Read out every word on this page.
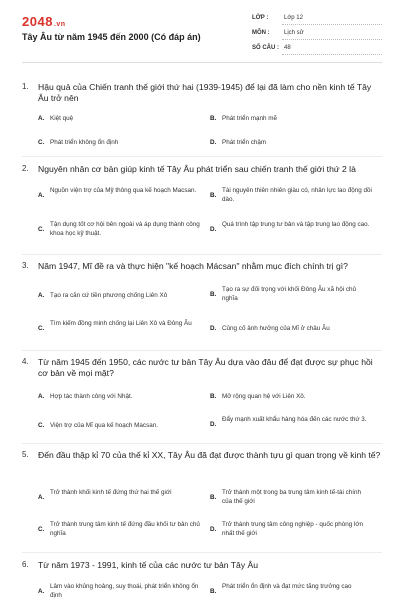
2048.vn
Tây Âu từ năm 1945 đến 2000 (Có đáp án)
LỚP :	Lớp 12
MÔN : Lịch sử
SỐ CÂU : 48
1. Hậu quả của Chiến tranh thế giới thứ hai (1939-1945) để lại đã làm cho nền kinh tế Tây Âu trở nên
A. Kiệt quệ	B. Phát triển mạnh mẽ
C. Phát triển không ổn định	D. Phát triển chậm
2. Nguyên nhân cơ bản giúp kinh tế Tây Âu phát triển sau chiến tranh thế giới thứ 2 là
A.
Nguồn viện trợ của Mỹ thông qua kế hoạch Macsan.
B.
Tài nguyên thiên nhiên giàu có, nhân lực lao động dồi dào.
C.
Tận dụng tốt cơ hội bên ngoài và áp dụng thành công khoa học kỹ thuật.
D.
Quá trình tập trung tư bản và tập trung lao động cao.
3. Năm 1947, Mĩ đề ra và thực hiện "kế hoạch Mácsan" nhằm mục đích chính trị gì?
A. Tạo ra căn cứ tiền phương chống Liên Xô	B.
Tạo ra sự đối trọng với khối Đông Âu xã hội chủ nghĩa
C.
Tìm kiếm đồng minh chống lại Liên Xô và Đông Âu
D. Củng cố ảnh hưởng của Mĩ ở châu Âu
4. Từ năm 1945 đến 1950, các nước tư bản Tây Âu dựa vào đâu để đạt được sự phục hồi cơ bản về mọi mặt?
A. Hợp tác thành công với Nhật.	B. Mở rộng quan hệ với Liên Xô.
C. Viện trợ của Mĩ qua kế hoạch Macsan.	D.
Đẩy mạnh xuất khẩu hàng hóa đến các nước thứ 3.
5. Đến đầu thập kỉ 70 của thế kỉ XX, Tây Âu đã đạt được thành tựu gì quan trọng về kinh tế?
A.
Trở thành khối kinh tế đứng thứ hai thế giới
B.
Trở thành một trong ba trung tâm kinh tế-tài chính của thế giới
C.
Trở thành trung tâm kinh tế đứng đầu khối tư bản chủ nghĩa
D.
Trở thành trung tâm công nghiệp - quốc phòng lớn nhất thế giới
6. Từ năm 1973 - 1991, kinh tế của các nước tư bản Tây Âu
A.
Lâm vào khủng hoảng, suy thoái, phát triển không ổn định
B.
Phát triển ổn định và đạt mức tăng trưởng cao
